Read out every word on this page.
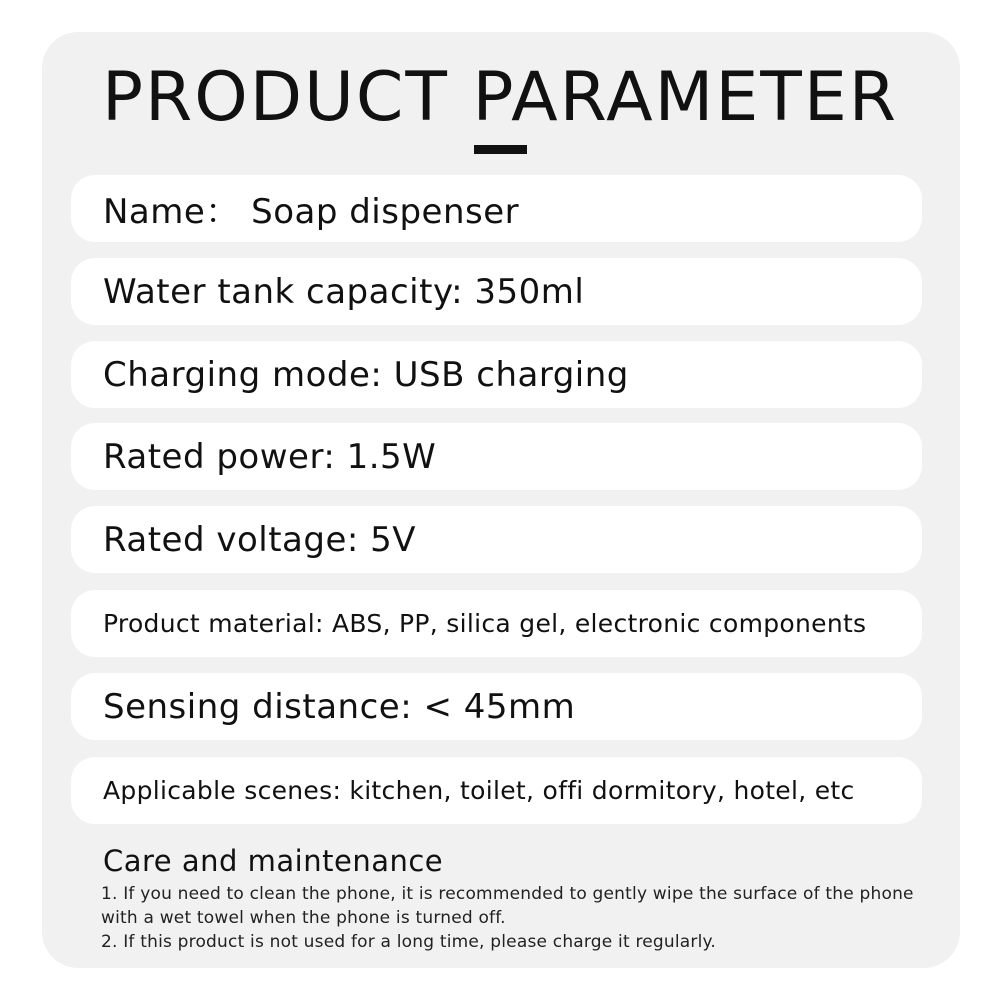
PRODUCT PARAMETER
Name： Soap dispenser
Water tank capacity: 350ml
Charging mode: USB charging
Rated power: 1.5W
Rated voltage: 5V
Product material: ABS, PP, silica gel, electronic components
Sensing distance: < 45mm
Applicable scenes: kitchen, toilet, offi dormitory, hotel, etc
Care and maintenance
1. If you need to clean the phone, it is recommended to gently wipe the surface of the phone
with a wet towel when the phone is turned off.
2. If this product is not used for a long time, please charge it regularly.
